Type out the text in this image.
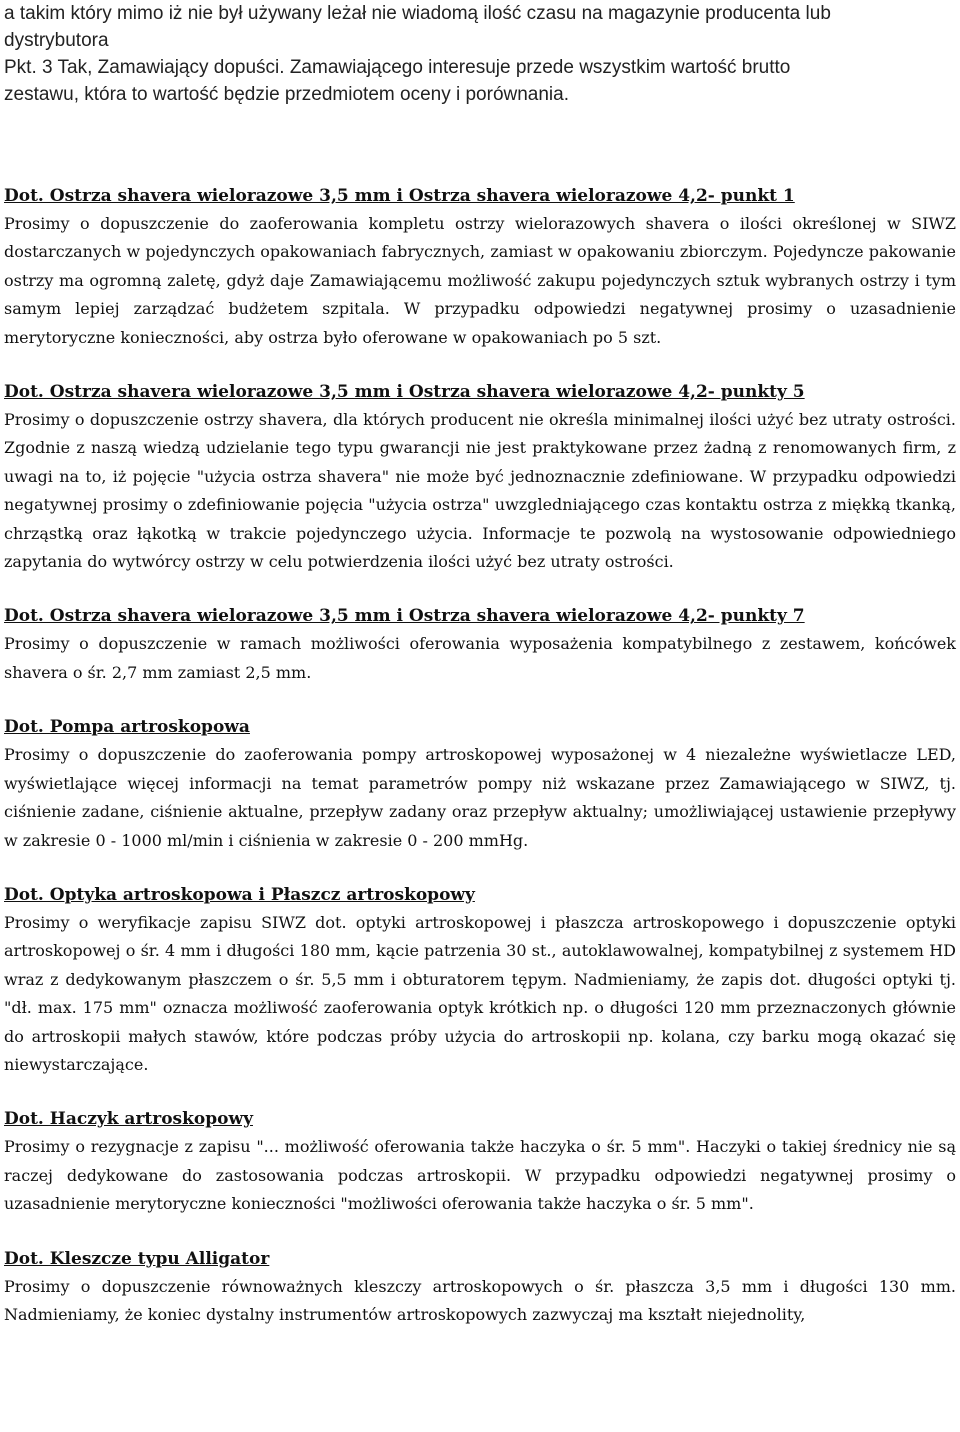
a takim który mimo iż nie był używany leżał nie wiadomą ilość czasu na magazynie producenta lub

dystrybutora

Pkt. 3 Tak, Zamawiający dopuści. Zamawiającego interesuje przede wszystkim wartość brutto

zestawu, która to wartość będzie przedmiotem oceny i porównania.

Dot. Ostrza shavera wielorazowe 3,5 mm i Ostrza shavera wielorazowe 4,2- punkt 1

Prosimy o dopuszczenie do zaoferowania kompletu ostrzy wielorazowych shavera o ilości określonej w SIWZ dostarczanych w pojedynczych opakowaniach fabrycznych, zamiast w opakowaniu zbiorczym. Pojedyncze pakowanie ostrzy ma ogromną zaletę, gdyż daje Zamawiającemu możliwość zakupu pojedynczych sztuk wybranych ostrzy i tym samym lepiej zarządzać budżetem szpitala. W przypadku odpowiedzi negatywnej prosimy o uzasadnienie merytoryczne konieczności, aby ostrza było oferowane w opakowaniach po 5 szt.

Dot. Ostrza shavera wielorazowe 3,5 mm i Ostrza shavera wielorazowe 4,2- punkty 5

Prosimy o dopuszczenie ostrzy shavera, dla których producent nie określa minimalnej ilości użyć bez utraty ostrości. Zgodnie z naszą wiedzą udzielanie tego typu gwarancji nie jest praktykowane przez żadną z renomowanych firm, z uwagi na to, iż pojęcie "użycia ostrza shavera" nie może być jednoznacznie zdefiniowane. W przypadku odpowiedzi negatywnej prosimy o zdefiniowanie pojęcia "użycia ostrza" uwzgledniającego czas kontaktu ostrza z miękką tkanką, chrząstką oraz łąkotką w trakcie pojedynczego użycia. Informacje te pozwolą na wystosowanie odpowiedniego zapytania do wytwórcy ostrzy w celu potwierdzenia ilości użyć bez utraty ostrości.

Dot. Ostrza shavera wielorazowe 3,5 mm i Ostrza shavera wielorazowe 4,2- punkty 7

Prosimy o dopuszczenie w ramach możliwości oferowania wyposażenia kompatybilnego z zestawem, końcówek shavera o śr. 2,7 mm zamiast 2,5 mm.

Dot. Pompa artroskopowa

Prosimy o dopuszczenie do zaoferowania pompy artroskopowej wyposażonej w 4 niezależne wyświetlacze LED, wyświetlające więcej informacji na temat parametrów pompy niż wskazane przez Zamawiającego w SIWZ, tj. ciśnienie zadane, ciśnienie aktualne, przepływ zadany oraz przepływ aktualny; umożliwiającej ustawienie przepływy w zakresie 0 - 1000 ml/min i ciśnienia w zakresie 0 - 200 mmHg.

Dot. Optyka artroskopowa i Płaszcz artroskopowy

Prosimy o weryfikacje zapisu SIWZ dot. optyki artroskopowej i płaszcza artroskopowego i dopuszczenie optyki artroskopowej o śr. 4 mm i długości 180 mm, kącie patrzenia 30 st., autoklawowalnej, kompatybilnej z systemem HD wraz z dedykowanym płaszczem o śr. 5,5 mm i obturatorem tępym. Nadmieniamy, że zapis dot. długości optyki tj. "dł. max. 175 mm" oznacza możliwość zaoferowania optyk krótkich np. o długości 120 mm przeznaczonych głównie do artroskopii małych stawów, które podczas próby użycia do artroskopii np. kolana, czy barku mogą okazać się niewystarczające.

Dot. Haczyk artroskopowy

Prosimy o rezygnacje z zapisu "... możliwość oferowania także haczyka o śr. 5 mm". Haczyki o takiej średnicy nie są raczej dedykowane do zastosowania podczas artroskopii. W przypadku odpowiedzi negatywnej prosimy o uzasadnienie merytoryczne konieczności "możliwości oferowania także haczyka o śr. 5 mm".

Dot. Kleszcze typu Alligator

Prosimy o dopuszczenie równoważnych kleszczy artroskopowych o śr. płaszcza 3,5 mm i długości 130 mm. Nadmieniamy, że koniec dystalny instrumentów artroskopowych zazwyczaj ma kształt niejednolity,
